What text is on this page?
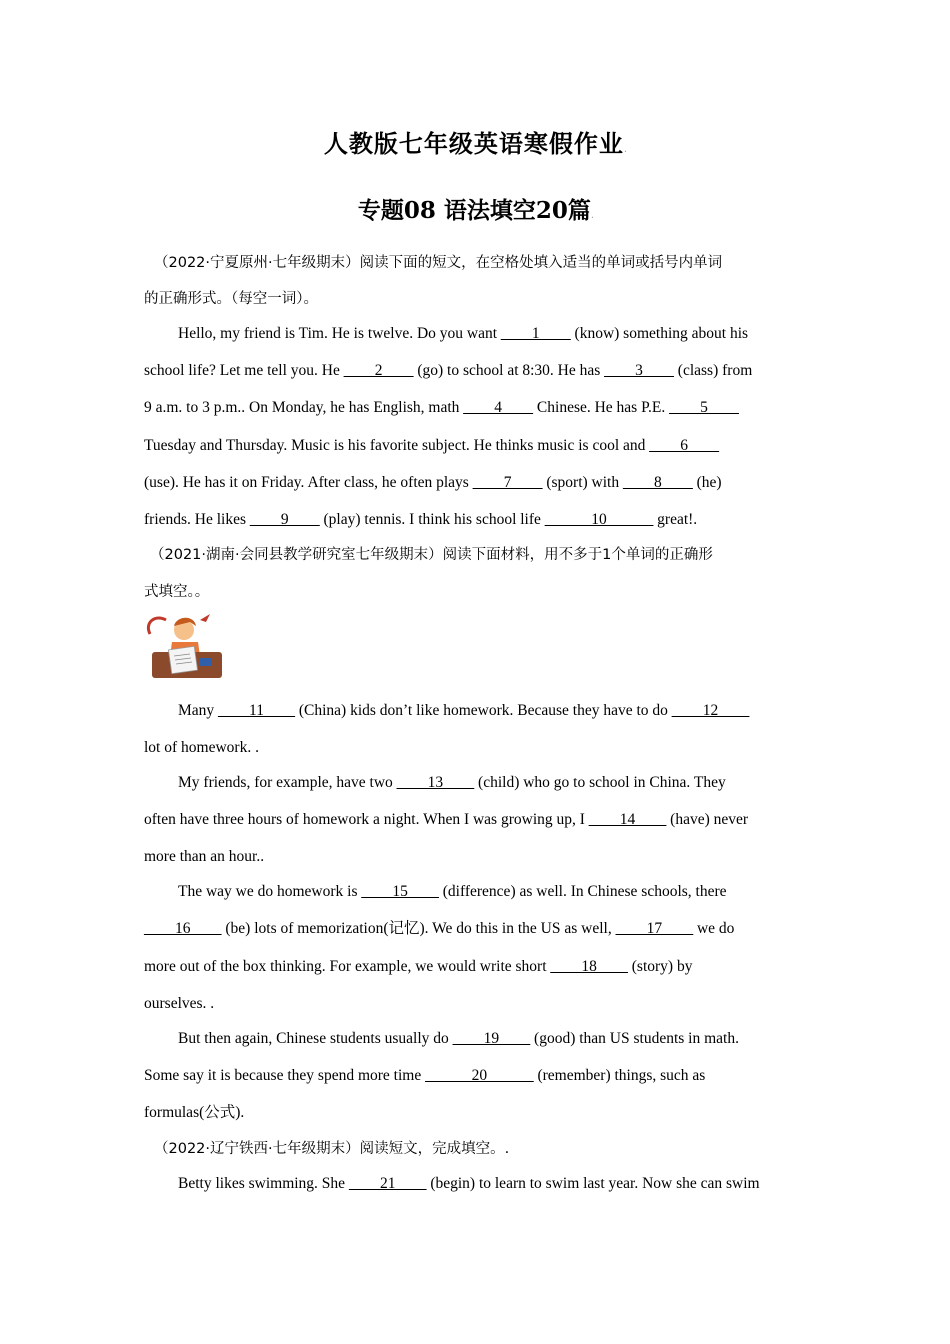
人教版七年级英语寒假作业.
专题08 语法填空20篇.
（2022·宁夏原州·七年级期末）阅读下面的短文，在空格处填入适当的单词或括号内单词
的正确形式。（每空一词）。
Hello, my friend is Tim. He is twelve. Do you want ____1____ (know) something about his
school life? Let me tell you. He ____2____ (go) to school at 8:30. He has ____3____ (class) from
9 a.m. to 3 p.m.. On Monday, he has English, math ____4____ Chinese. He has P.E. ____5____
Tuesday and Thursday. Music is his favorite subject. He thinks music is cool and ____6____
(use). He has it on Friday. After class, he often plays ____7____ (sport) with ____8____ (he)
friends. He likes ____9____ (play) tennis. I think his school life ______10______ great!.
（2021·湖南·会同县教学研究室七年级期末）阅读下面材料，用不多于1个单词的正确形
式填空。。
Many ____11____ (China) kids don’t like homework. Because they have to do ____12____
lot of homework. .
My friends, for example, have two ____13____ (child) who go to school in China. They
often have three hours of homework a night. When I was growing up, I ____14____ (have) never
more than an hour..
The way we do homework is ____15____ (difference) as well. In Chinese schools, there
____16____ (be) lots of memorization(记忆). We do this in the US as well, ____17____ we do
more out of the box thinking. For example, we would write short ____18____ (story) by
ourselves. .
But then again, Chinese students usually do ____19____ (good) than US students in math.
Some say it is because they spend more time ______20______ (remember) things, such as
formulas(公式).
（2022·辽宁铁西·七年级期末）阅读短文，完成填空。.
Betty likes swimming. She ____21____ (begin) to learn to swim last year. Now she can swim
